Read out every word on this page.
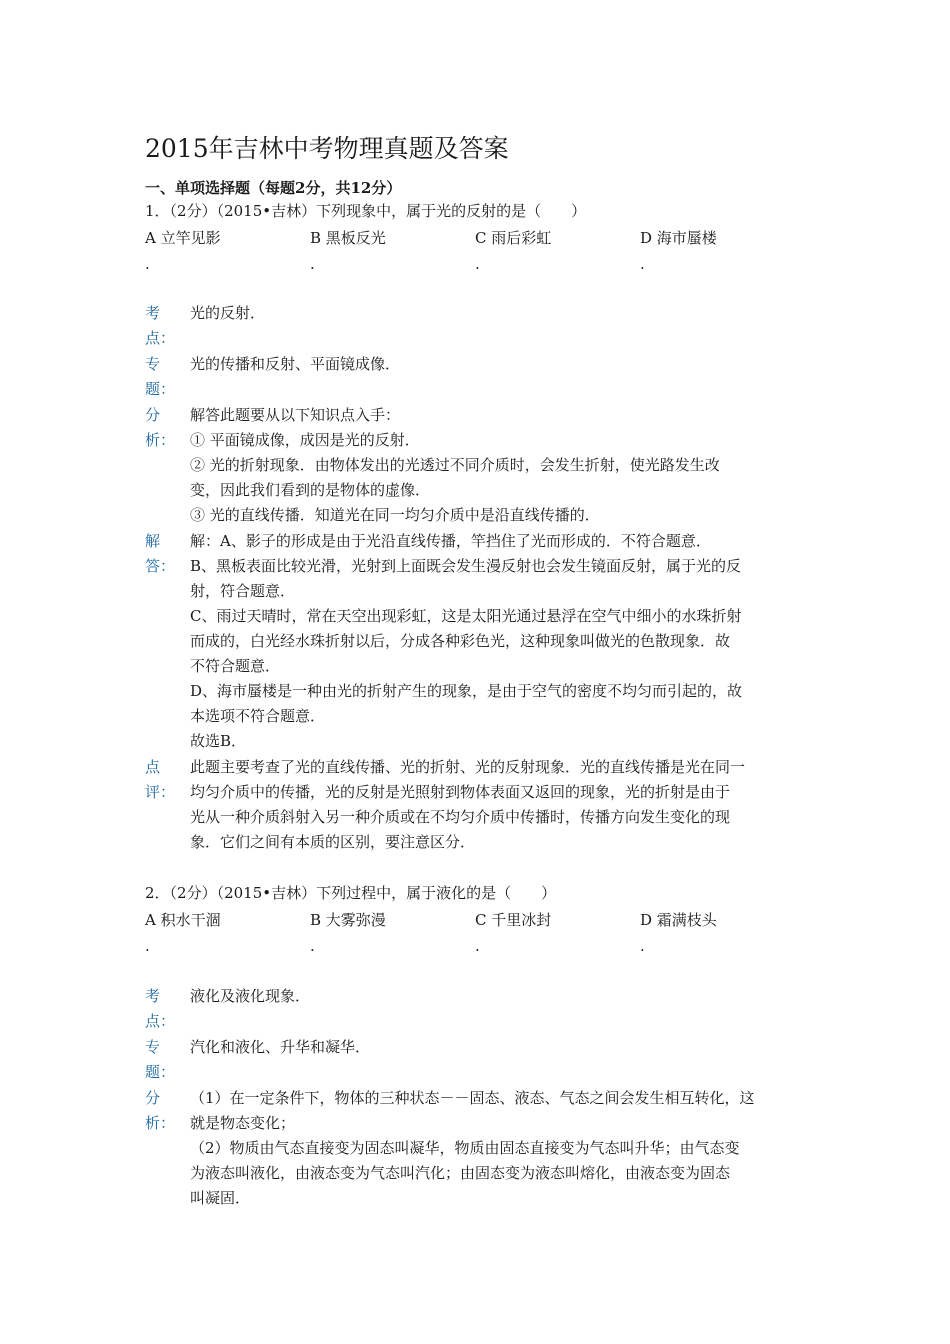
2015年吉林中考物理真题及答案
一、单项选择题（每题2分，共12分）
1．（2分）（2015•吉林）下列现象中，属于光的反射的是（　　）
A 立竿见影	B 黑板反光	C 雨后彩虹	D 海市蜃楼
.	.	.	.
考点：
光的反射．
专题：
光的传播和反射、平面镜成像．
分析：
解答此题要从以下知识点入手：
① 平面镜成像，成因是光的反射．
② 光的折射现象．由物体发出的光透过不同介质时，会发生折射，使光路发生改
变，因此我们看到的是物体的虚像．
③ 光的直线传播．知道光在同一均匀介质中是沿直线传播的．
解答：
解：A、影子的形成是由于光沿直线传播，竿挡住了光而形成的．不符合题意．
B、黑板表面比较光滑，光射到上面既会发生漫反射也会发生镜面反射，属于光的反
射，符合题意．
C、雨过天晴时，常在天空出现彩虹，这是太阳光通过悬浮在空气中细小的水珠折射
而成的，白光经水珠折射以后，分成各种彩色光，这种现象叫做光的色散现象．故
不符合题意．
D、海市蜃楼是一种由光的折射产生的现象，是由于空气的密度不均匀而引起的，故
本选项不符合题意．
故选B．
点评：
此题主要考查了光的直线传播、光的折射、光的反射现象．光的直线传播是光在同一
均匀介质中的传播，光的反射是光照射到物体表面又返回的现象，光的折射是由于
光从一种介质斜射入另一种介质或在不均匀介质中传播时，传播方向发生变化的现
象．它们之间有本质的区别，要注意区分．
2．（2分）（2015•吉林）下列过程中，属于液化的是（　　）
A 积水干涸	B 大雾弥漫	C 千里冰封	D 霜满枝头
.	.	.	.
考点：
液化及液化现象．
专题：
汽化和液化、升华和凝华．
分析：
（1）在一定条件下，物体的三种状态－－固态、液态、气态之间会发生相互转化，这
就是物态变化；
（2）物质由气态直接变为固态叫凝华，物质由固态直接变为气态叫升华；由气态变
为液态叫液化，由液态变为气态叫汽化；由固态变为液态叫熔化，由液态变为固态
叫凝固．
